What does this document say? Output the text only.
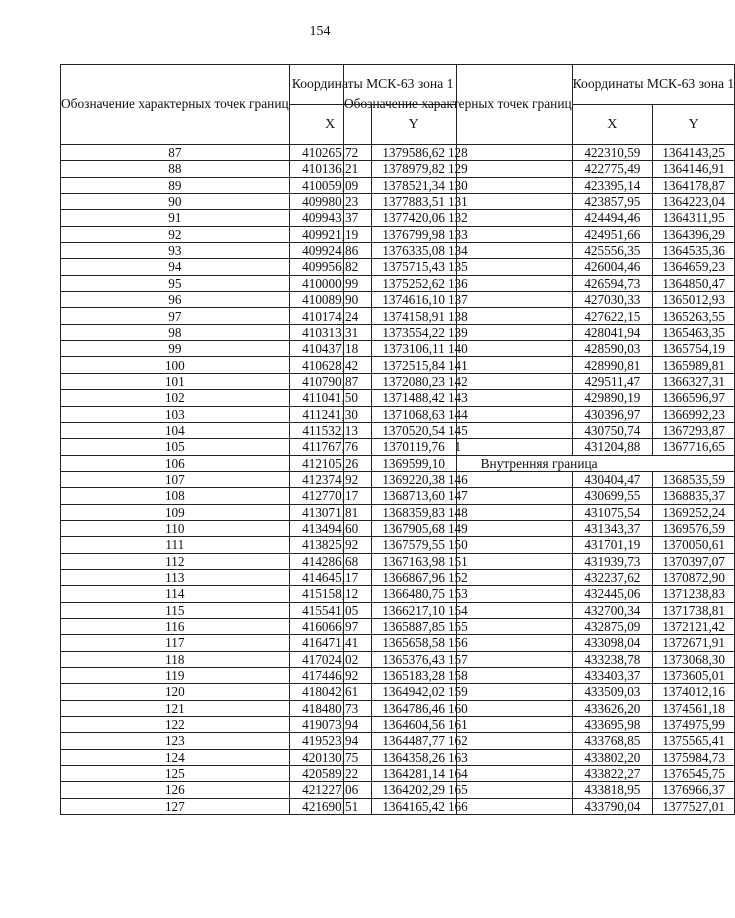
154
Обозначение характерных точек границ	Координаты МСК-63 зона 1	
	X	Y
87	410265,72	1379586,62
88	410136,21	1378979,82
89	410059,09	1378521,34
90	409980,23	1377883,51
91	409943,37	1377420,06
92	409921,19	1376799,98
93	409924,86	1376335,08
94	409956,82	1375715,43
95	410000,99	1375252,62
96	410089,90	1374616,10
97	410174,24	1374158,91
98	410313,31	1373554,22
99	410437,18	1373106,11
100	410628,42	1372515,84
101	410790,87	1372080,23
102	411041,50	1371488,42
103	411241,30	1371068,63
104	411532,13	1370520,54
105	411767,76	1370119,76
106	412105,26	1369599,10
107	412374,92	1369220,38
108	412770,17	1368713,60
109	413071,81	1368359,83
110	413494,60	1367905,68
111	413825,92	1367579,55
112	414286,68	1367163,98
113	414645,17	1366867,96
114	415158,12	1366480,75
115	415541,05	1366217,10
116	416066,97	1365887,85
117	416471,41	1365658,58
118	417024,02	1365376,43
119	417446,92	1365183,28
120	418042,61	1364942,02
121	418480,73	1364786,46
122	419073,94	1364604,56
123	419523,94	1364487,77
124	420130,75	1364358,26
125	420589,22	1364281,14
126	421227,06	1364202,29
127	421690,51	1364165,42
Обозначение характерных точек границ	Координаты МСК-63 зона 1	
	X	Y
128	422310,59	1364143,25
129	422775,49	1364146,91
130	423395,14	1364178,87
131	423857,95	1364223,04
132	424494,46	1364311,95
133	424951,66	1364396,29
134	425556,35	1364535,36
135	426004,46	1364659,23
136	426594,73	1364850,47
137	427030,33	1365012,93
138	427622,15	1365263,55
139	428041,94	1365463,35
140	428590,03	1365754,19
141	428990,81	1365989,81
142	429511,47	1366327,31
143	429890,19	1366596,97
144	430396,97	1366992,23
145	430750,74	1367293,87
1	431204,88	1367716,65
Внутренняя граница		
146	430404,47	1368535,59
147	430699,55	1368835,37
148	431075,54	1369252,24
149	431343,37	1369576,59
150	431701,19	1370050,61
151	431939,73	1370397,07
152	432237,62	1370872,90
153	432445,06	1371238,83
154	432700,34	1371738,81
155	432875,09	1372121,42
156	433098,04	1372671,91
157	433238,78	1373068,30
158	433403,37	1373605,01
159	433509,03	1374012,16
160	433626,20	1374561,18
161	433695,98	1374975,99
162	433768,85	1375565,41
163	433802,20	1375984,73
164	433822,27	1376545,75
165	433818,95	1376966,37
166	433790,04	1377527,01
